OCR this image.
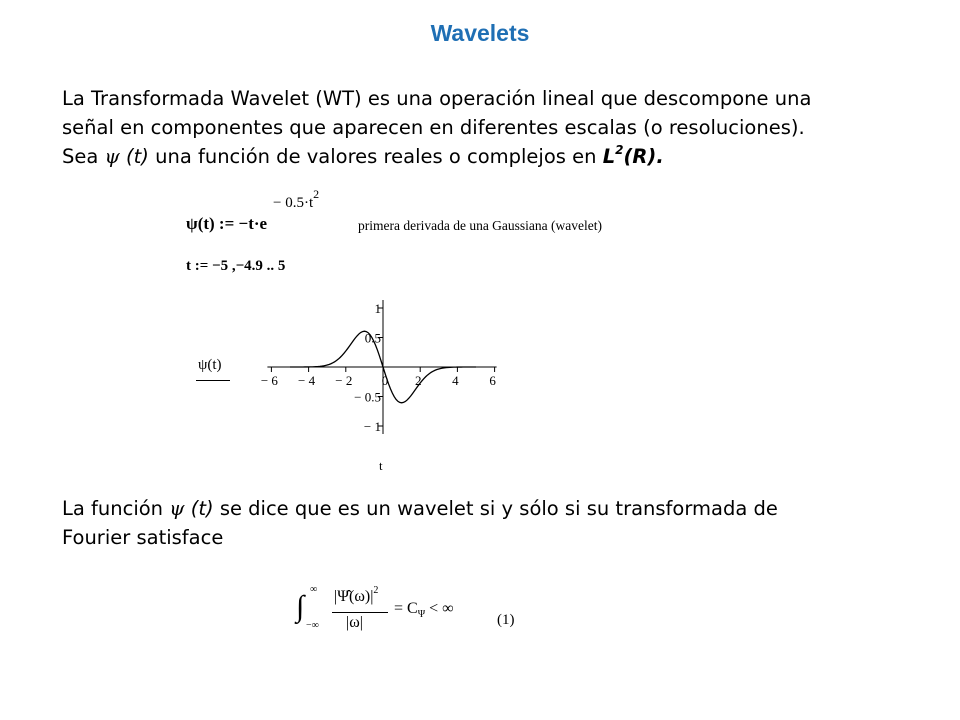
Wavelets
La Transformada Wavelet (WT) es una operación lineal que descompone una
señal en componentes que aparecen en diferentes escalas (o resoluciones).
Sea ψ (t) una función de valores reales o complejos en $L^2(R)$.
ψ(t) := −t·e
− $0.5\cdot t^2$
primera derivada de una Gaussiana (wavelet)
t := −5 ,−4.9 .. 5
ψ(t)
t
− 6 − 4 − 2 0 2 4 6
1
0.5
− 0.5
− 1
La función ψ (t) se dice que es un wavelet si y sólo si su transformada de
Fourier satisface
∫
∞
−∞
$|\Psî(\omega)|^2$
|ω|
= $C_\Psi$ < ∞
(1)
